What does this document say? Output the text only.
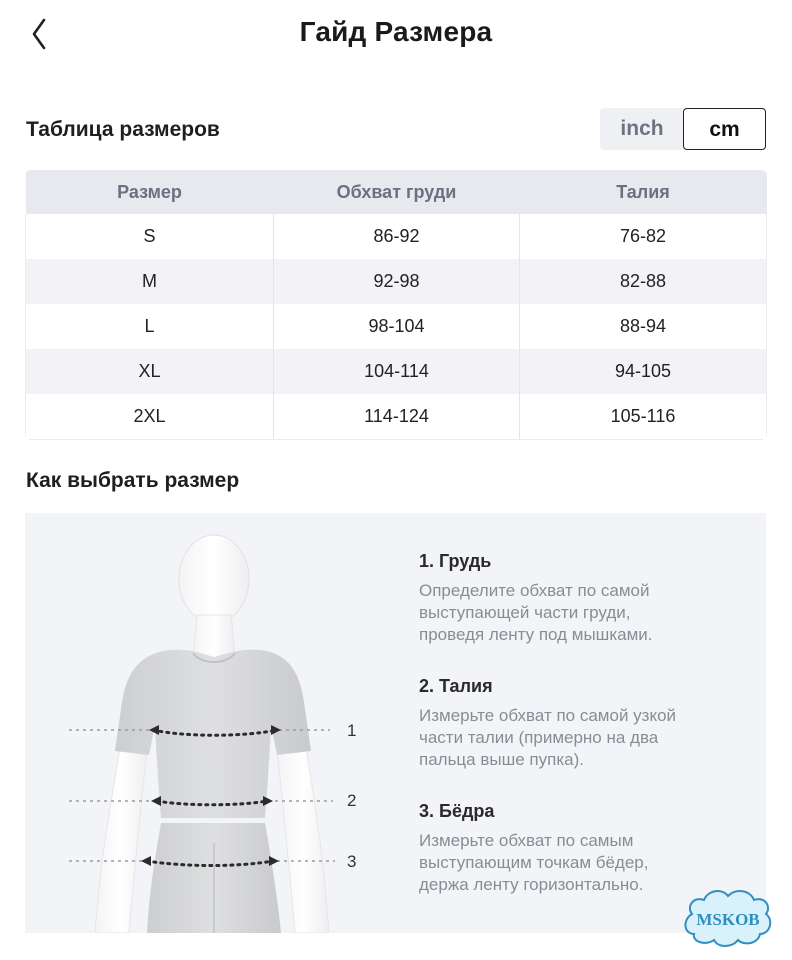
Гайд Размера
Таблица размеров	inch	cm
Размер	Обхват груди	Талия
S	86-92	76-82
M	92-98	82-88
L	98-104	88-94
XL	104-114	94-105
2XL	114-124	105-116
Как выбрать размер
1
2
3
1. Грудь
Определите обхват по самой
выступающей части груди,
проведя ленту под мышками.
2. Талия
Измерьте обхват по самой узкой
части талии (примерно на два
пальца выше пупка).
3. Бёдра
Измерьте обхват по самым
выступающим точкам бёдер,
держа ленту горизонтально.
MSKOB
